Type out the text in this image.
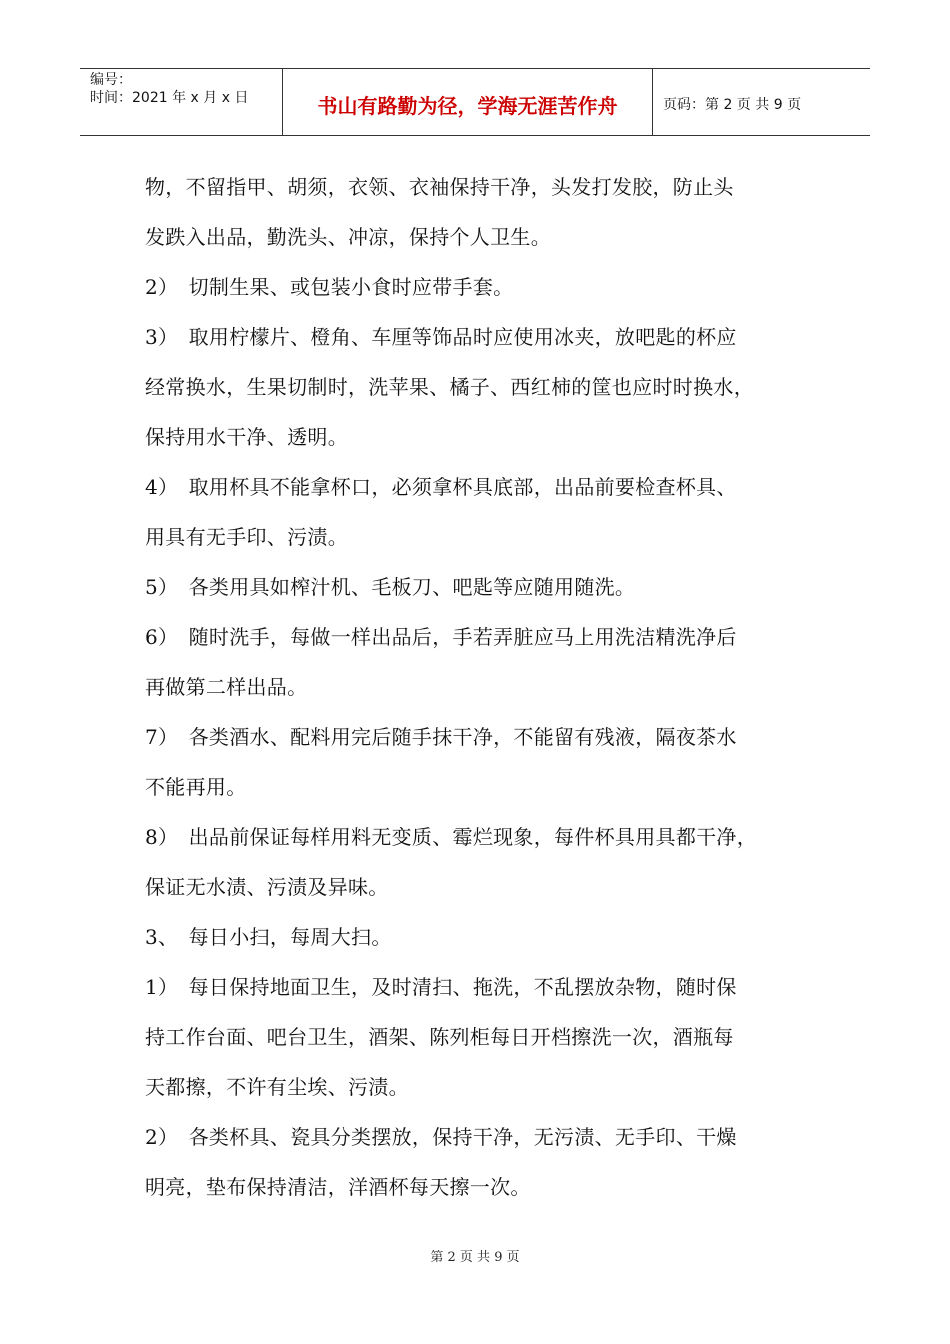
编号：
时间：2021 年 x 月 x 日	书山有路勤为径，学海无涯苦作舟	页码：第 2 页 共 9 页

物，不留指甲、胡须，衣领、衣袖保持干净，头发打发胶，防止头

发跌入出品，勤洗头、冲凉，保持个人卫生。

2）　切制生果、或包装小食时应带手套。

3）　取用柠檬片、橙角、车厘等饰品时应使用冰夹，放吧匙的杯应

经常换水，生果切制时，洗苹果、橘子、西红柿的筐也应时时换水，

保持用水干净、透明。

4）　取用杯具不能拿杯口，必须拿杯具底部，出品前要检查杯具、

用具有无手印、污渍。

5）　各类用具如榨汁机、毛板刀、吧匙等应随用随洗。

6）　随时洗手，每做一样出品后，手若弄脏应马上用洗洁精洗净后

再做第二样出品。

7）　各类酒水、配料用完后随手抹干净，不能留有残液，隔夜茶水

不能再用。

8）　出品前保证每样用料无变质、霉烂现象，每件杯具用具都干净，

保证无水渍、污渍及异味。

3、　每日小扫，每周大扫。

1）　每日保持地面卫生，及时清扫、拖洗，不乱摆放杂物，随时保

持工作台面、吧台卫生，酒架、陈列柜每日开档擦洗一次，酒瓶每

天都擦，不许有尘埃、污渍。

2）　各类杯具、瓷具分类摆放，保持干净，无污渍、无手印、干燥

明亮，垫布保持清洁，洋酒杯每天擦一次。

第 2 页 共 9 页
